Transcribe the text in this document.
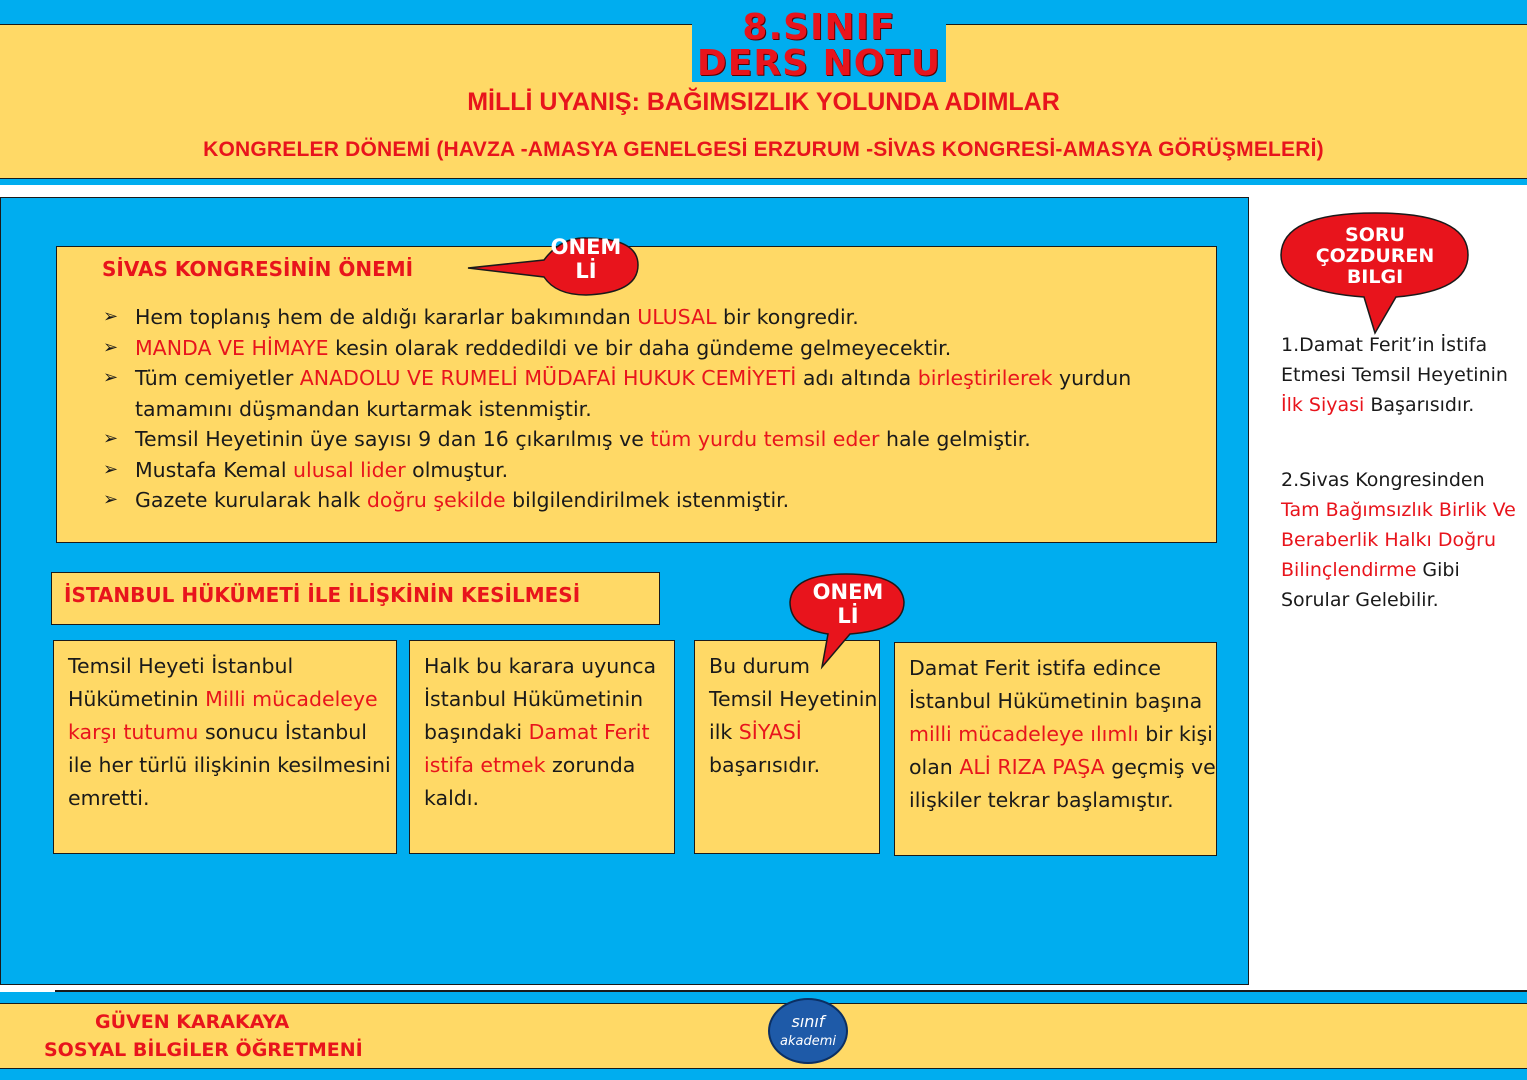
8.SINIF
DERS NOTU
MİLLİ UYANIŞ: BAĞIMSIZLIK YOLUNDA ADIMLAR
KONGRELER DÖNEMİ (HAVZA -AMASYA GENELGESİ ERZURUM -SİVAS KONGRESİ-AMASYA GÖRÜŞMELERİ)
SİVAS KONGRESİNİN ÖNEMİ
ONEM
Lİ
➢ Hem toplanış hem de aldığı kararlar bakımından ULUSAL bir kongredir.
➢ MANDA VE HİMAYE kesin olarak reddedildi ve bir daha gündeme gelmeyecektir.
➢ Tüm cemiyetler ANADOLU VE RUMELİ MÜDAFAİ HUKUK CEMİYETİ adı altında birleştirilerek yurdun tamamını düşmandan kurtarmak istenmiştir.
➢ Temsil Heyetinin üye sayısı 9 dan 16 çıkarılmış ve tüm yurdu temsil eder hale gelmiştir.
➢ Mustafa Kemal ulusal lider olmuştur.
➢ Gazete kurularak halk doğru şekilde bilgilendirilmek istenmiştir.
İSTANBUL HÜKÜMETİ İLE İLİŞKİNİN KESİLMESİ
Temsil Heyeti İstanbul Hükümetinin Milli mücadeleye karşı tutumu sonucu İstanbul ile her türlü ilişkinin kesilmesini emretti.
Halk bu karara uyunca İstanbul Hükümetinin başındaki Damat Ferit istifa etmek zorunda kaldı.
Bu durum Temsil Heyetinin ilk SİYASİ başarısıdır.
Damat Ferit istifa edince İstanbul Hükümetinin başına milli mücadeleye ılımlı bir kişi olan ALİ RIZA PAŞA geçmiş ve ilişkiler tekrar başlamıştır.
ONEM
Lİ
SORU
ÇOZDUREN
BILGI
1.Damat Ferit’in İstifa Etmesi Temsil Heyetinin İlk Siyasi Başarısıdır.
2.Sivas Kongresinden Tam Bağımsızlık Birlik Ve Beraberlik Halkı Doğru Bilinçlendirme Gibi Sorular Gelebilir.
GÜVEN KARAKAYA
SOSYAL BİLGİLER ÖĞRETMENİ
sınıf
akademi
